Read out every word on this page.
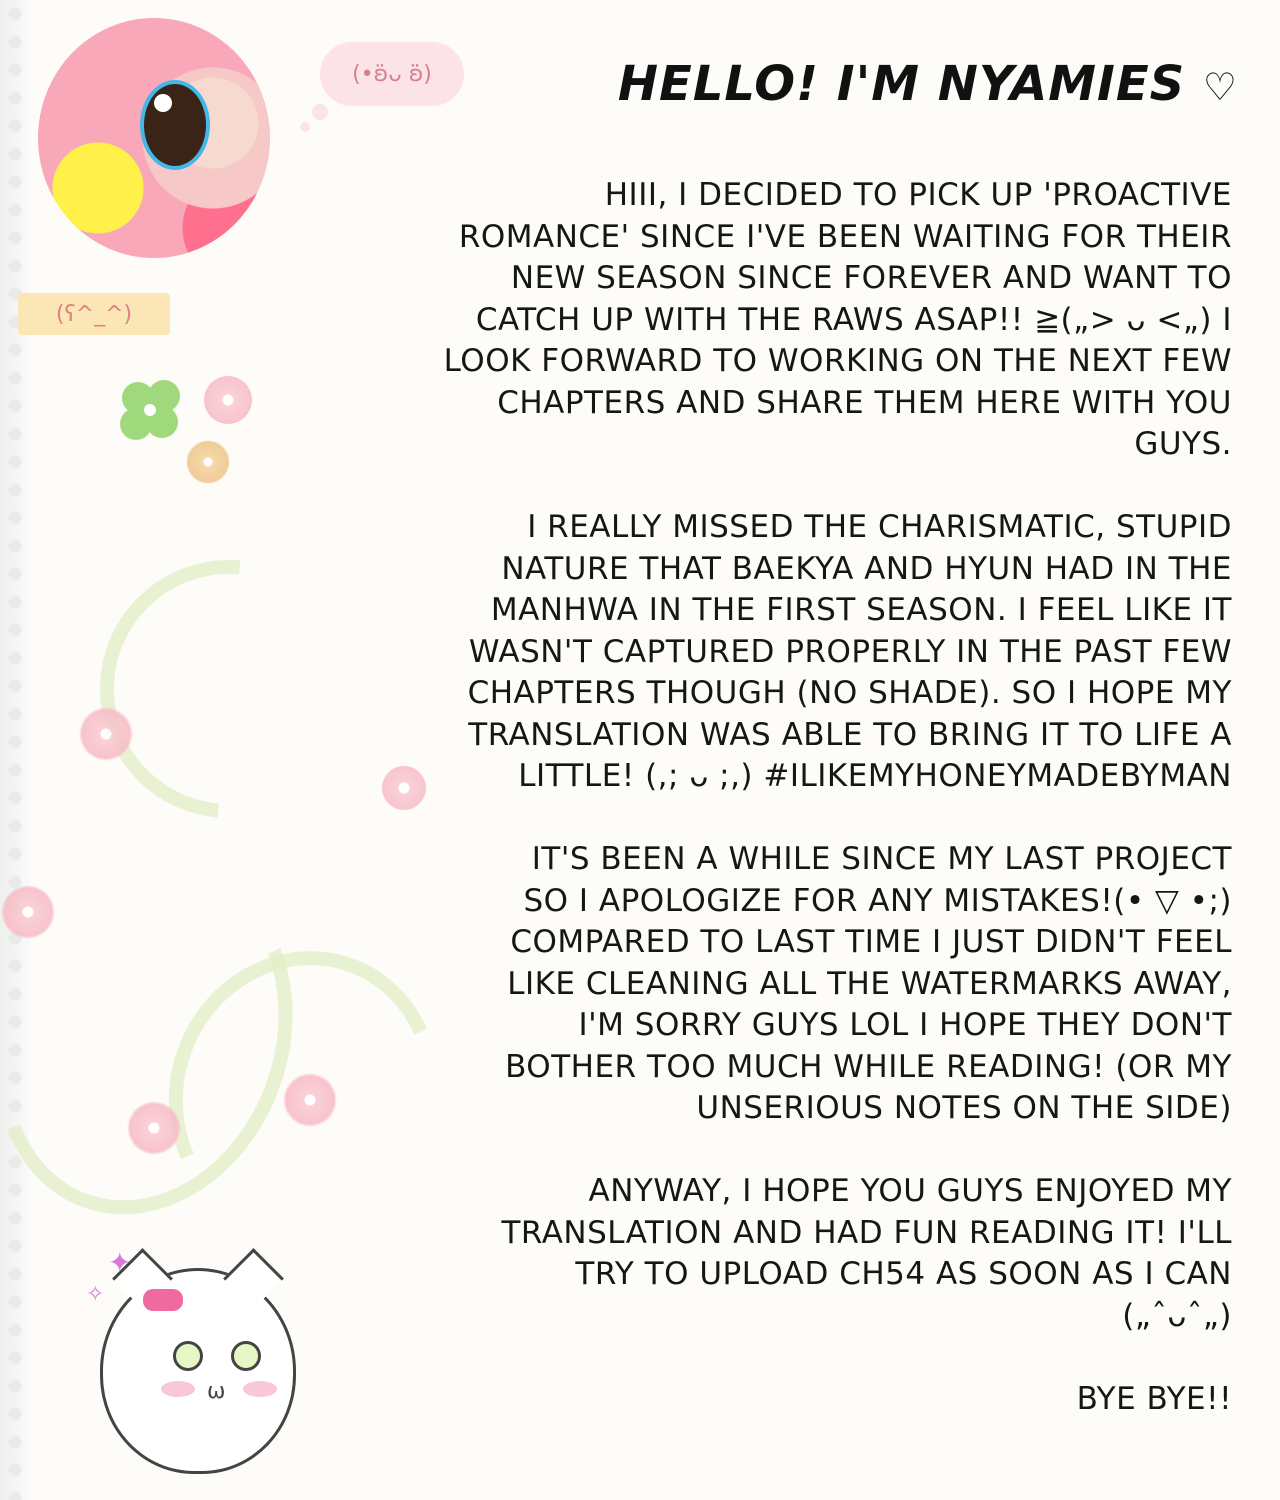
(•ʚ̈︎ᴗ ʚ̈︎)
(ʕ^_^)
ω
✦
✧
HELLO! I'M NYAMIES ♡

HIII, I DECIDED TO PICK UP 'PROACTIVE
ROMANCE' SINCE I'VE BEEN WAITING FOR THEIR
NEW SEASON SINCE FOREVER AND WANT TO
CATCH UP WITH THE RAWS ASAP!! ≧(„> ᴗ <„) I
LOOK FORWARD TO WORKING ON THE NEXT FEW
CHAPTERS AND SHARE THEM HERE WITH YOU
GUYS.

I REALLY MISSED THE CHARISMATIC, STUPID
NATURE THAT BAEKYA AND HYUN HAD IN THE
MANHWA IN THE FIRST SEASON. I FEEL LIKE IT
WASN'T CAPTURED PROPERLY IN THE PAST FEW
CHAPTERS THOUGH (NO SHADE). SO I HOPE MY
TRANSLATION WAS ABLE TO BRING IT TO LIFE A
LITTLE! (,; ᴗ ;,) #ILIKEMYHONEYMADEBYMAN

IT'S BEEN A WHILE SINCE MY LAST PROJECT
SO I APOLOGIZE FOR ANY MISTAKES!(• ▽ •;)
COMPARED TO LAST TIME I JUST DIDN'T FEEL
LIKE CLEANING ALL THE WATERMARKS AWAY,
I'M SORRY GUYS LOL I HOPE THEY DON'T
BOTHER TOO MUCH WHILE READING! (OR MY
UNSERIOUS NOTES ON THE SIDE)

ANYWAY, I HOPE YOU GUYS ENJOYED MY
TRANSLATION AND HAD FUN READING IT! I'LL
TRY TO UPLOAD CH54 AS SOON AS I CAN
(„ˆᴗˆ„)

BYE BYE!!
